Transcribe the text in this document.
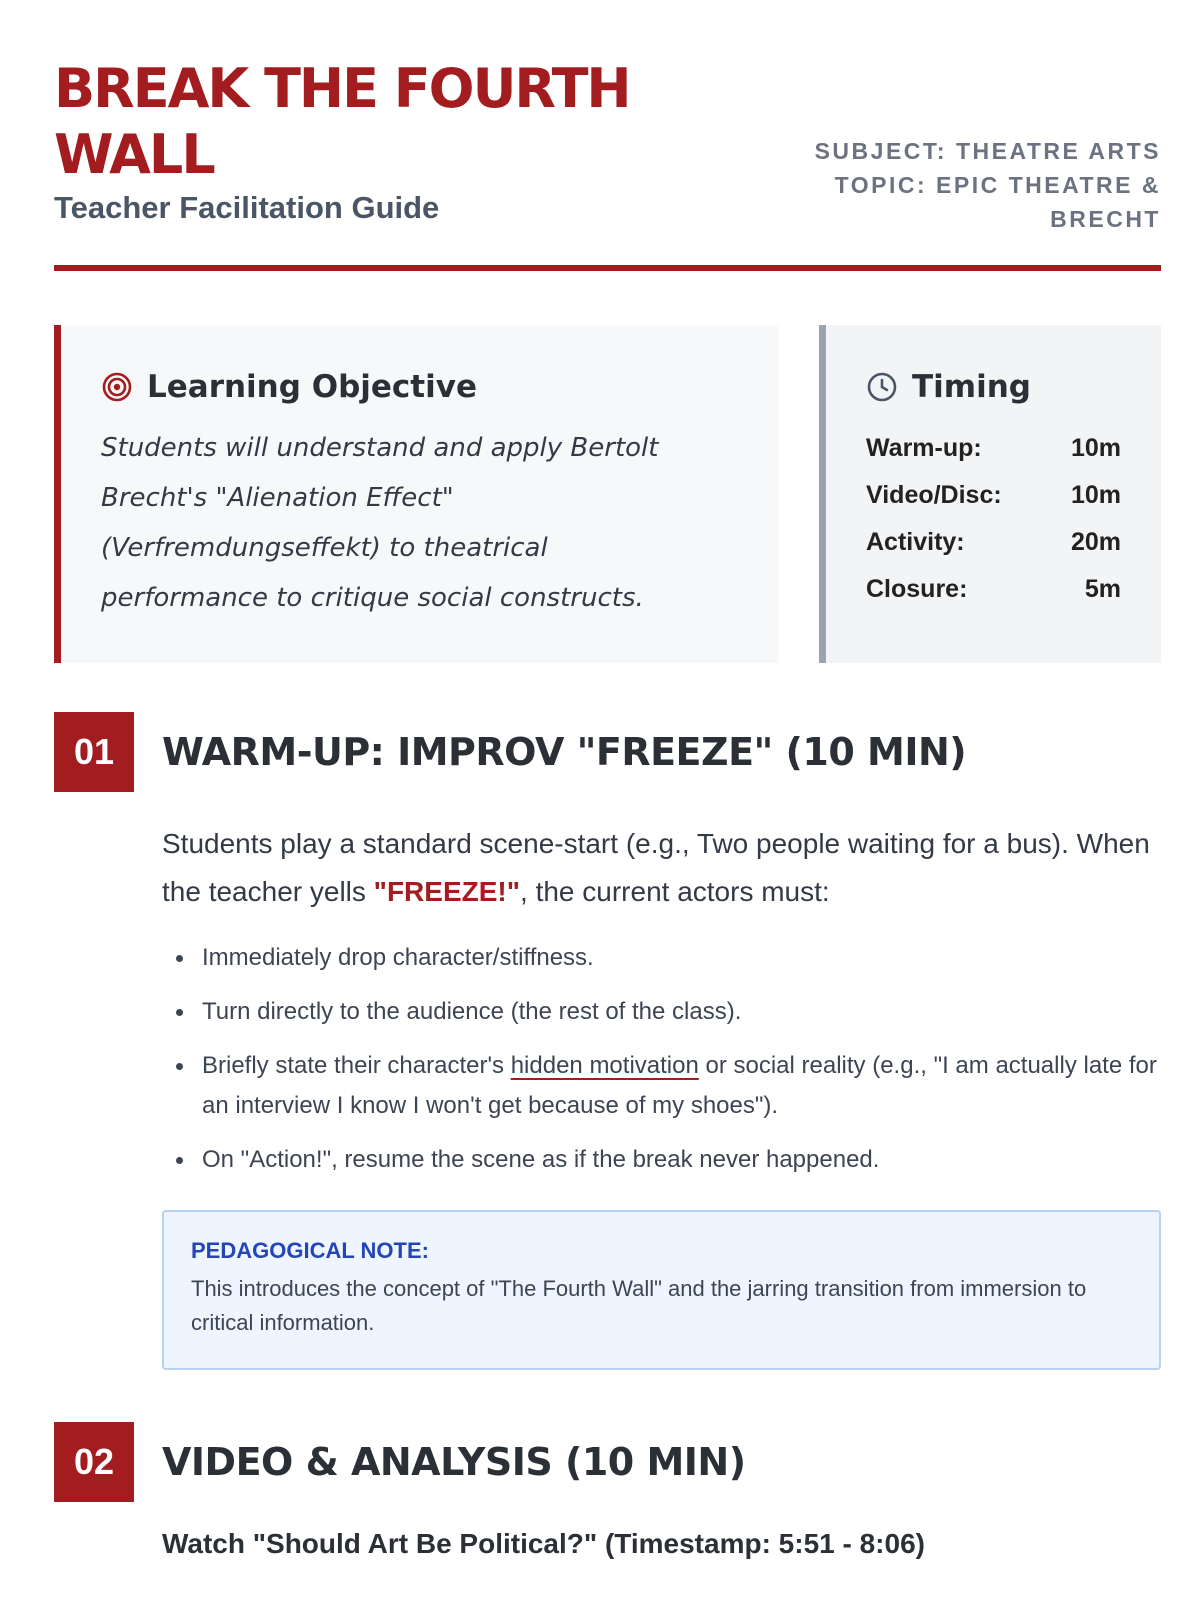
BREAK THE FOURTH WALL
Teacher Facilitation Guide
SUBJECT: THEATRE ARTS
TOPIC: EPIC THEATRE & BRECHT
Learning Objective

Students will understand and apply Bertolt Brecht's "Alienation Effect" (Verfremdungseffekt) to theatrical performance to critique social constructs.

Timing
Warm-up:	10m
Video/Disc:	10m
Activity:	20m
Closure:	5m
01	WARM-UP: IMPROV "FREEZE" (10 MIN)

Students play a standard scene-start (e.g., Two people waiting for a bus). When the teacher yells "FREEZE!", the current actors must:

Immediately drop character/stiffness.
Turn directly to the audience (the rest of the class).
Briefly state their character's hidden motivation or social reality (e.g., "I am actually late for an interview I know I won't get because of my shoes").
On "Action!", resume the scene as if the break never happened.
PEDAGOGICAL NOTE:
This introduces the concept of "The Fourth Wall" and the jarring transition from immersion to critical information.
02	VIDEO & ANALYSIS (10 MIN)

Watch "Should Art Be Political?" (Timestamp: 5:51 - 8:06)
